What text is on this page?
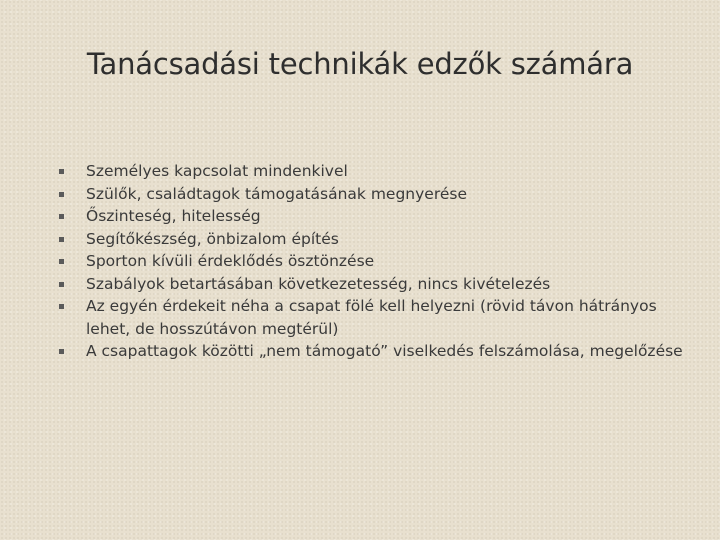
Tanácsadási technikák edzők számára
Személyes kapcsolat mindenkivel
Szülők, családtagok támogatásának megnyerése
Őszinteség, hitelesség
Segítőkészség, önbizalom építés
Sporton kívüli érdeklődés ösztönzése
Szabályok betartásában következetesség, nincs kivételezés
Az egyén érdekeit néha a csapat fölé kell helyezni (rövid távon hátrányos lehet, de hosszútávon megtérül)
A csapattagok közötti „nem támogató” viselkedés felszámolása, megelőzése
